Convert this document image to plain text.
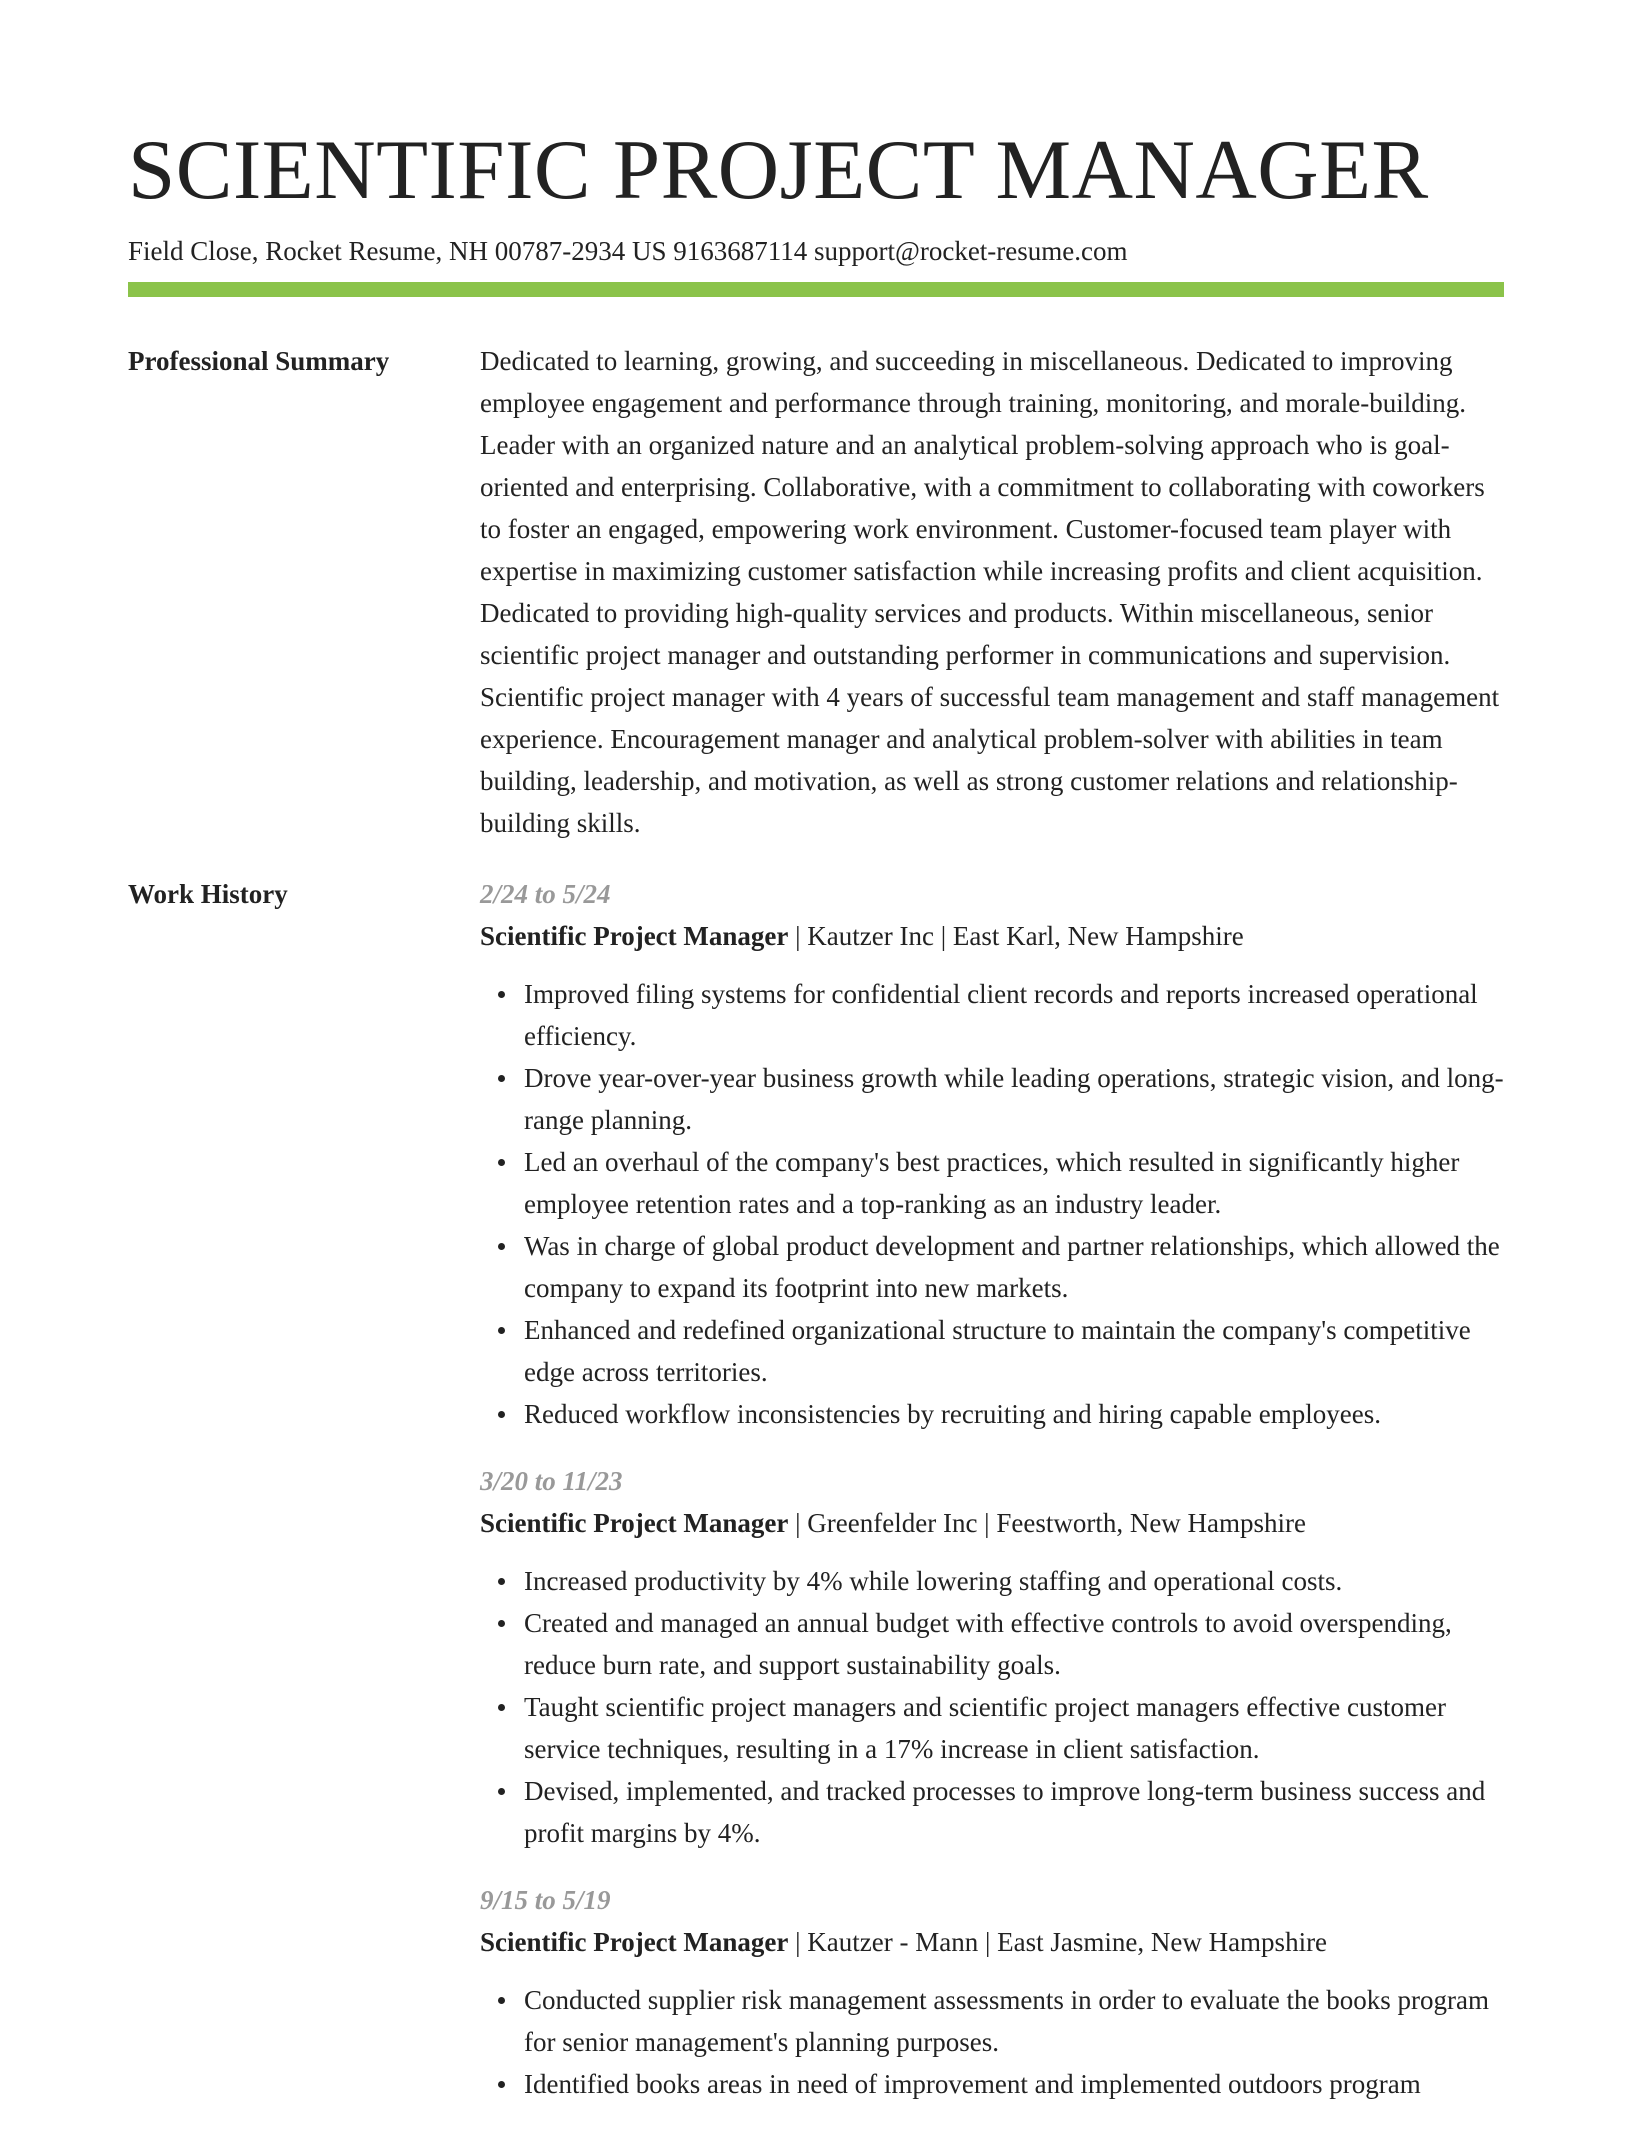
SCIENTIFIC PROJECT MANAGER
Field Close, Rocket Resume, NH 00787-2934 US 9163687114 support@rocket-resume.com
Professional Summary	Dedicated to learning, growing, and succeeding in miscellaneous. Dedicated to improving employee engagement and performance through training, monitoring, and morale-building. Leader with an organized nature and an analytical problem-solving approach who is goal-oriented and enterprising. Collaborative, with a commitment to collaborating with coworkers to foster an engaged, empowering work environment. Customer-focused team player with expertise in maximizing customer satisfaction while increasing profits and client acquisition. Dedicated to providing high-quality services and products. Within miscellaneous, senior scientific project manager and outstanding performer in communications and supervision. Scientific project manager with 4 years of successful team management and staff management experience. Encouragement manager and analytical problem-solver with abilities in team building, leadership, and motivation, as well as strong customer relations and relationship-building skills.

Work History	2/24 to 5/24
Scientific Project Manager | Kautzer Inc | East Karl, New Hampshire
Improved filing systems for confidential client records and reports increased operational efficiency.
Drove year-over-year business growth while leading operations, strategic vision, and long-range planning.
Led an overhaul of the company's best practices, which resulted in significantly higher employee retention rates and a top-ranking as an industry leader.
Was in charge of global product development and partner relationships, which allowed the company to expand its footprint into new markets.
Enhanced and redefined organizational structure to maintain the company's competitive edge across territories.
Reduced workflow inconsistencies by recruiting and hiring capable employees.
3/20 to 11/23
Scientific Project Manager | Greenfelder Inc | Feestworth, New Hampshire
Increased productivity by 4% while lowering staffing and operational costs.
Created and managed an annual budget with effective controls to avoid overspending, reduce burn rate, and support sustainability goals.
Taught scientific project managers and scientific project managers effective customer service techniques, resulting in a 17% increase in client satisfaction.
Devised, implemented, and tracked processes to improve long-term business success and profit margins by 4%.
9/15 to 5/19
Scientific Project Manager | Kautzer - Mann | East Jasmine, New Hampshire
Conducted supplier risk management assessments in order to evaluate the books program for senior management's planning purposes.
Identified books areas in need of improvement and implemented outdoors program
